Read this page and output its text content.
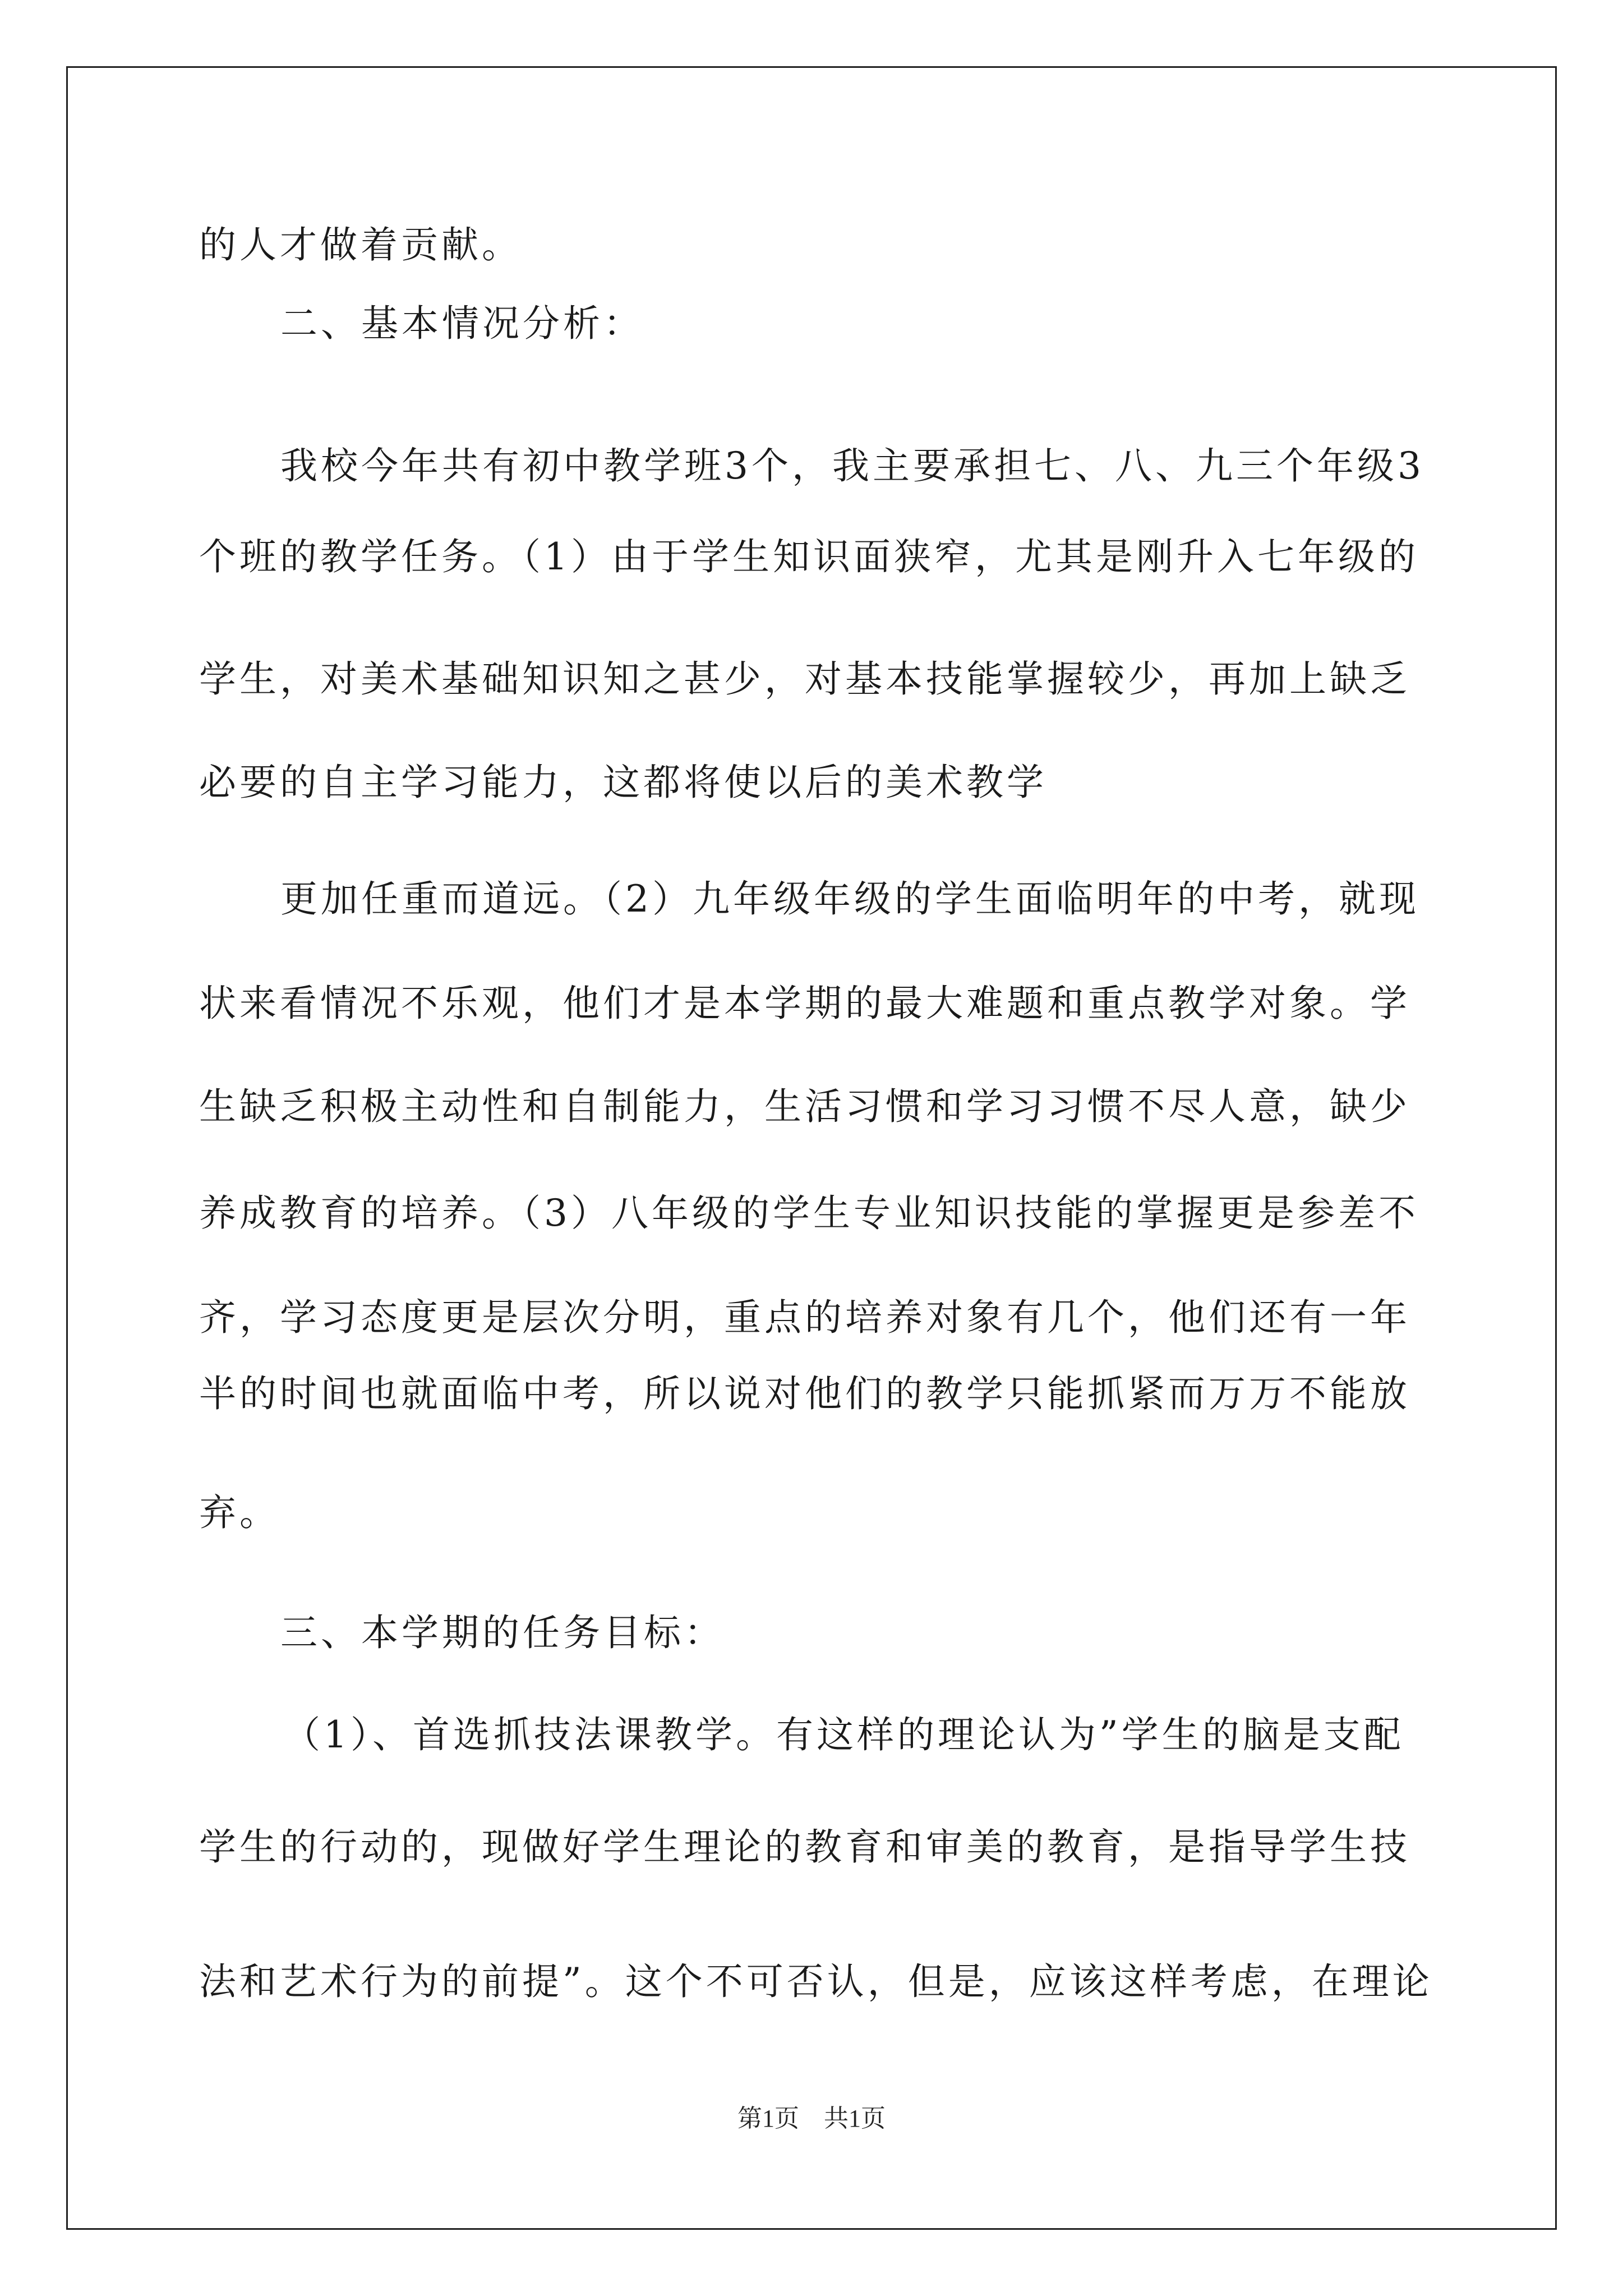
的人才做着贡献。
二、基本情况分析：
我校今年共有初中教学班3个，我主要承担七、八、九三个年级3
个班的教学任务。（1）由于学生知识面狭窄，尤其是刚升入七年级的
学生，对美术基础知识知之甚少，对基本技能掌握较少，再加上缺乏
必要的自主学习能力，这都将使以后的美术教学
更加任重而道远。（2）九年级年级的学生面临明年的中考，就现
状来看情况不乐观，他们才是本学期的最大难题和重点教学对象。学
生缺乏积极主动性和自制能力，生活习惯和学习习惯不尽人意，缺少
养成教育的培养。（3）八年级的学生专业知识技能的掌握更是参差不
齐，学习态度更是层次分明，重点的培养对象有几个，他们还有一年
半的时间也就面临中考，所以说对他们的教学只能抓紧而万万不能放
弃。
三、本学期的任务目标：
（1）、首选抓技法课教学。有这样的理论认为”学生的脑是支配
学生的行动的，现做好学生理论的教育和审美的教育，是指导学生技
法和艺术行为的前提”。这个不可否认，但是，应该这样考虑，在理论
第1页　共1页
